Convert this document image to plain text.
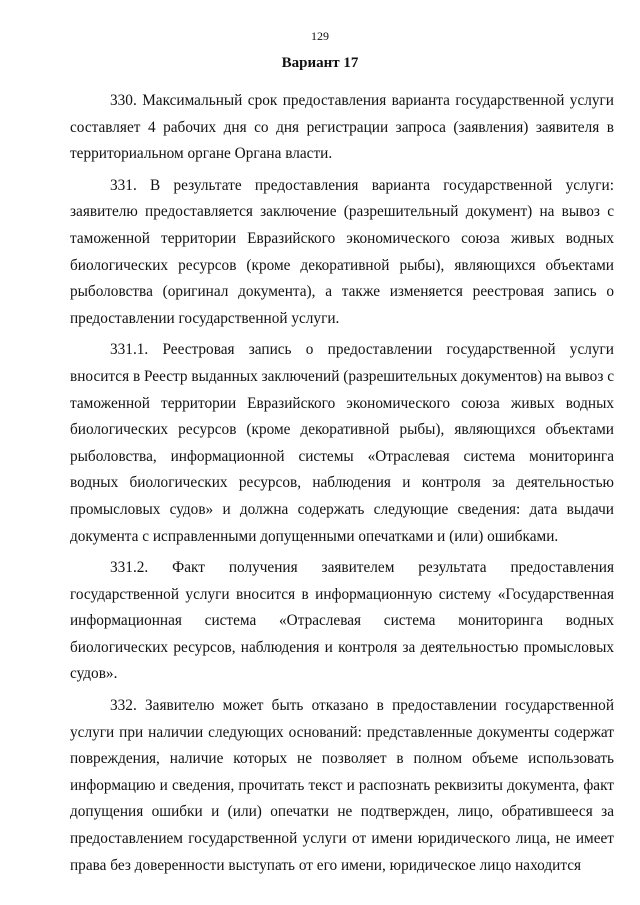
129
Вариант 17

330. Максимальный срок предоставления варианта государственной услуги составляет 4 рабочих дня со дня регистрации запроса (заявления) заявителя в территориальном органе Органа власти.

331. В результате предоставления варианта государственной услуги: заявителю предоставляется заключение (разрешительный документ) на вывоз с таможенной территории Евразийского экономического союза живых водных биологических ресурсов (кроме декоративной рыбы), являющихся объектами рыболовства (оригинал документа), а также изменяется реестровая запись о предоставлении государственной услуги.

331.1. Реестровая запись о предоставлении государственной услуги вносится в Реестр выданных заключений (разрешительных документов) на вывоз с таможенной территории Евразийского экономического союза живых водных биологических ресурсов (кроме декоративной рыбы), являющихся объектами рыболовства, информационной системы «Отраслевая система мониторинга водных биологических ресурсов, наблюдения и контроля за деятельностью промысловых судов» и должна содержать следующие сведения: дата выдачи документа с исправленными допущенными опечатками и (или) ошибками.

331.2. Факт получения заявителем результата предоставления государственной услуги вносится в информационную систему «Государственная информационная система «Отраслевая система мониторинга водных биологических ресурсов, наблюдения и контроля за деятельностью промысловых судов».

332. Заявителю может быть отказано в предоставлении государственной услуги при наличии следующих оснований: представленные документы содержат повреждения, наличие которых не позволяет в полном объеме использовать информацию и сведения, прочитать текст и распознать реквизиты документа, факт допущения ошибки и (или) опечатки не подтвержден, лицо, обратившееся за предоставлением государственной услуги от имени юридического лица, не имеет права без доверенности выступать от его имени, юридическое лицо находится
